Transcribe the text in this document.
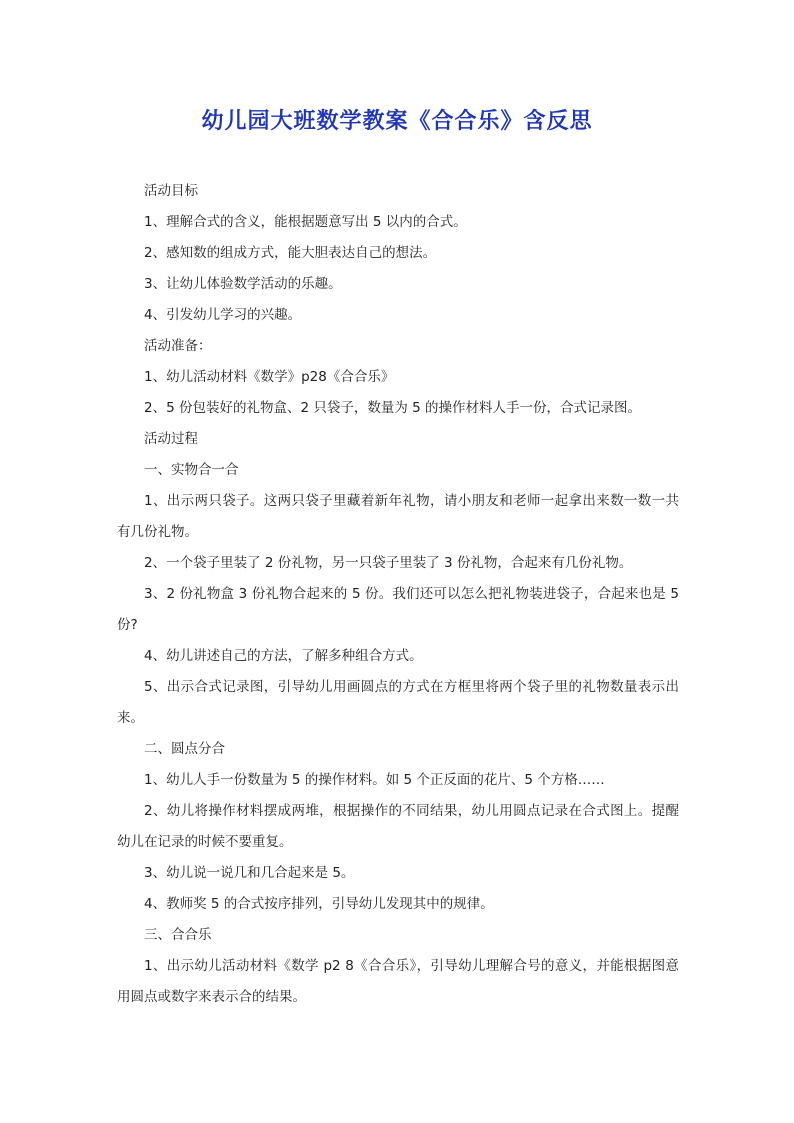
幼儿园大班数学教案《合合乐》含反思

活动目标

1、理解合式的含义，能根据题意写出 5 以内的合式。

2、感知数的组成方式，能大胆表达自己的想法。

3、让幼儿体验数学活动的乐趣。

4、引发幼儿学习的兴趣。

活动准备：

1、幼儿活动材料《数学》p28《合合乐》

2、5 份包装好的礼物盒、2 只袋子，数量为 5 的操作材料人手一份，合式记录图。

活动过程

一、实物合一合

1、出示两只袋子。这两只袋子里藏着新年礼物，请小朋友和老师一起拿出来数一数一共有几份礼物。

2、一个袋子里装了 2 份礼物，另一只袋子里装了 3 份礼物，合起来有几份礼物。

3、2 份礼物盒 3 份礼物合起来的 5 份。我们还可以怎么把礼物装进袋子，合起来也是 5 份?

4、幼儿讲述自己的方法，了解多种组合方式。

5、出示合式记录图，引导幼儿用画圆点的方式在方框里将两个袋子里的礼物数量表示出来。

二、圆点分合

1、幼儿人手一份数量为 5 的操作材料。如 5 个正反面的花片、5 个方格……

2、幼儿将操作材料摆成两堆，根据操作的不同结果，幼儿用圆点记录在合式图上。提醒幼儿在记录的时候不要重复。

3、幼儿说一说几和几合起来是 5。

4、教师奖 5 的合式按序排列，引导幼儿发现其中的规律。

三、合合乐

1、出示幼儿活动材料《数学 p2 8《合合乐》，引导幼儿理解合号的意义，并能根据图意用圆点或数字来表示合的结果。
